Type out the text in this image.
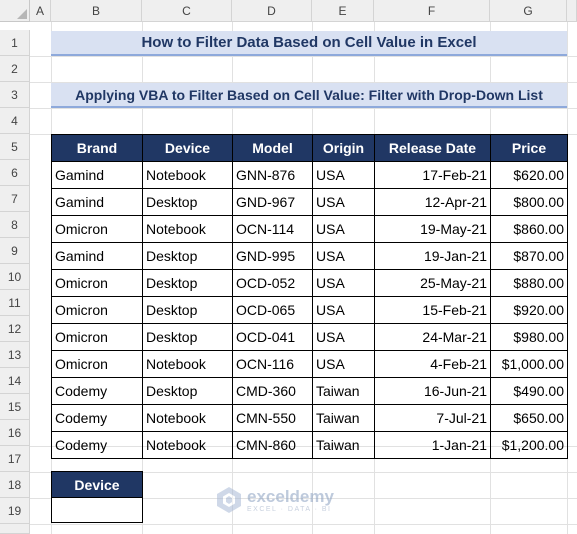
A	B	C	D	E	F	G
1
2
3
4
5
6
7
8
9
10
11
12
13
14
15
16
17
18
19
How to Filter Data Based on Cell Value in Excel
Applying VBA to Filter Based on Cell Value: Filter with Drop-Down List
Brand	Device	Model	Origin	Release Date	Price
Gamind	Notebook	GNN-876	USA	17-Feb-21	$620.00
Gamind	Desktop	GND-967	USA	12-Apr-21	$800.00
Omicron	Notebook	OCN-114	USA	19-May-21	$860.00
Gamind	Desktop	GND-995	USA	19-Jan-21	$870.00
Omicron	Desktop	OCD-052	USA	25-May-21	$880.00
Omicron	Desktop	OCD-065	USA	15-Feb-21	$920.00
Omicron	Desktop	OCD-041	USA	24-Mar-21	$980.00
Omicron	Notebook	OCN-116	USA	4-Feb-21	$1,000.00
Codemy	Desktop	CMD-360	Taiwan	16-Jun-21	$490.00
Codemy	Notebook	CMN-550	Taiwan	7-Jul-21	$650.00
Codemy	Notebook	CMN-860	Taiwan	1-Jan-21	$1,200.00
Device
exceldemy
EXCEL · DATA · BI
